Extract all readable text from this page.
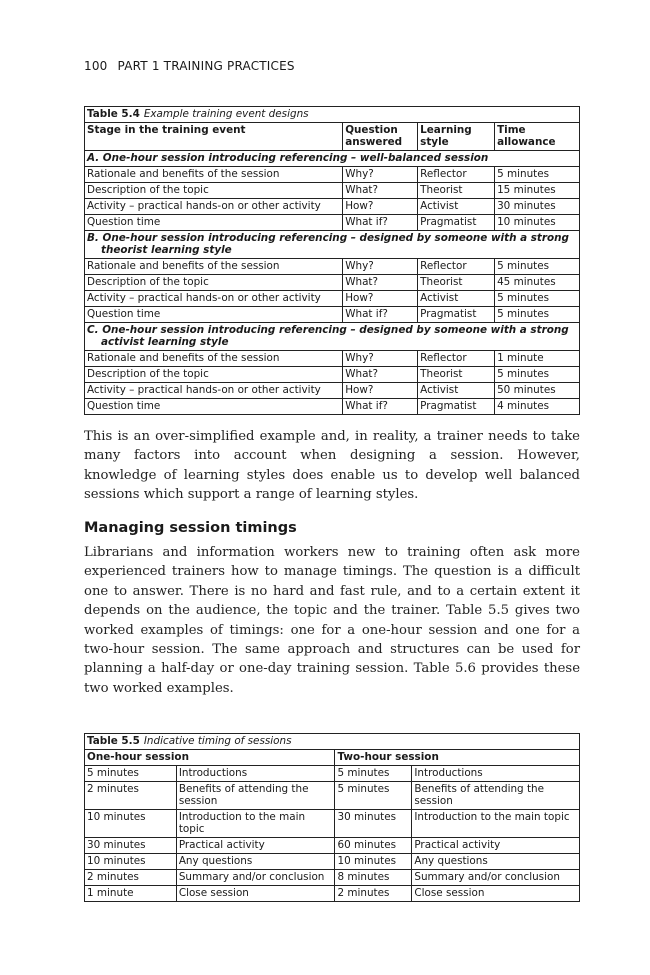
100 PART 1 TRAINING PRACTICES
Table 5.4 Example training event designs			
Stage in the training event	Question answered	Learning style	Time allowance
A. One-hour session introducing referencing – well-balanced session			
Rationale and benefits of the session	Why?	Reflector	5 minutes
Description of the topic	What?	Theorist	15 minutes
Activity – practical hands-on or other activity	How?	Activist	30 minutes
Question time	What if?	Pragmatist	10 minutes
B. One-hour session introducing referencing – designed by someone with a strong
theorist learning style			

Rationale and benefits of the session	Why?	Reflector	5 minutes
Description of the topic	What?	Theorist	45 minutes
Activity – practical hands-on or other activity	How?	Activist	5 minutes
Question time	What if?	Pragmatist	5 minutes
C. One-hour session introducing referencing – designed by someone with a strong
activist learning style			

Rationale and benefits of the session	Why?	Reflector	1 minute
Description of the topic	What?	Theorist	5 minutes
Activity – practical hands-on or other activity	How?	Activist	50 minutes
Question time	What if?	Pragmatist	4 minutes

This is an over-simplified example and, in reality, a trainer needs to take many factors into account when designing a session. However, knowledge of learning styles does enable us to develop well balanced sessions which support a range of learning styles.

Managing session timings

Librarians and information workers new to training often ask more experienced trainers how to manage timings. The question is a difficult one to answer. There is no hard and fast rule, and to a certain extent it depends on the audience, the topic and the trainer. Table 5.5 gives two worked examples of timings: one for a one-hour session and one for a two-hour session. The same approach and structures can be used for planning a half-day or one-day training session. Table 5.6 provides these two worked examples.

Table 5.5 Indicative timing of sessions			
One-hour session		Two-hour session	
5 minutes	Introductions	5 minutes	Introductions
2 minutes	Benefits of attending the session	5 minutes	Benefits of attending the session
10 minutes	Introduction to the main topic	30 minutes	Introduction to the main topic
30 minutes	Practical activity	60 minutes	Practical activity
10 minutes	Any questions	10 minutes	Any questions
2 minutes	Summary and/or conclusion	8 minutes	Summary and/or conclusion
1 minute	Close session	2 minutes	Close session
